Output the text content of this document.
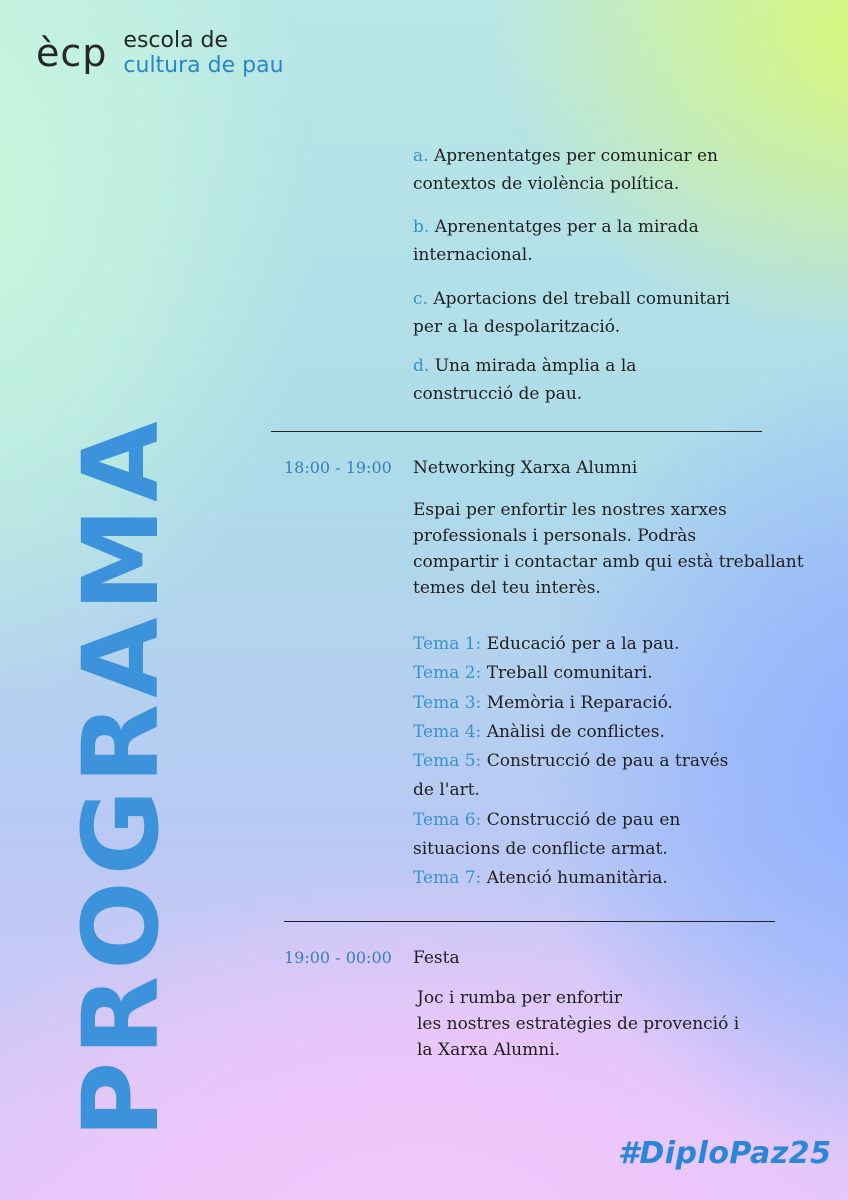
ècp escola de
cultura de pau
a. Aprenentatges per comunicar en
contextos de violència política.
b. Aprenentatges per a la mirada
internacional.
c. Aportacions del treball comunitari
per a la despolarització.
d. Una mirada àmplia a la
construcció de pau.
18:00 - 19:00 Networking Xarxa Alumni
Espai per enfortir les nostres xarxes
professionals i personals. Podràs
compartir i contactar amb qui està treballant
temes del teu interès.
Tema 1: Educació per a la pau.
Tema 2: Treball comunitari.
Tema 3: Memòria i Reparació.
Tema 4: Anàlisi de conflictes.
Tema 5: Construcció de pau a través
de l'art.
Tema 6: Construcció de pau en
situacions de conflicte armat.
Tema 7: Atenció humanitària.
19:00 - 00:00 Festa
Joc i rumba per enfortir
les nostres estratègies de provenció i
la Xarxa Alumni.
PROGRAMA
#DiploPaz25
